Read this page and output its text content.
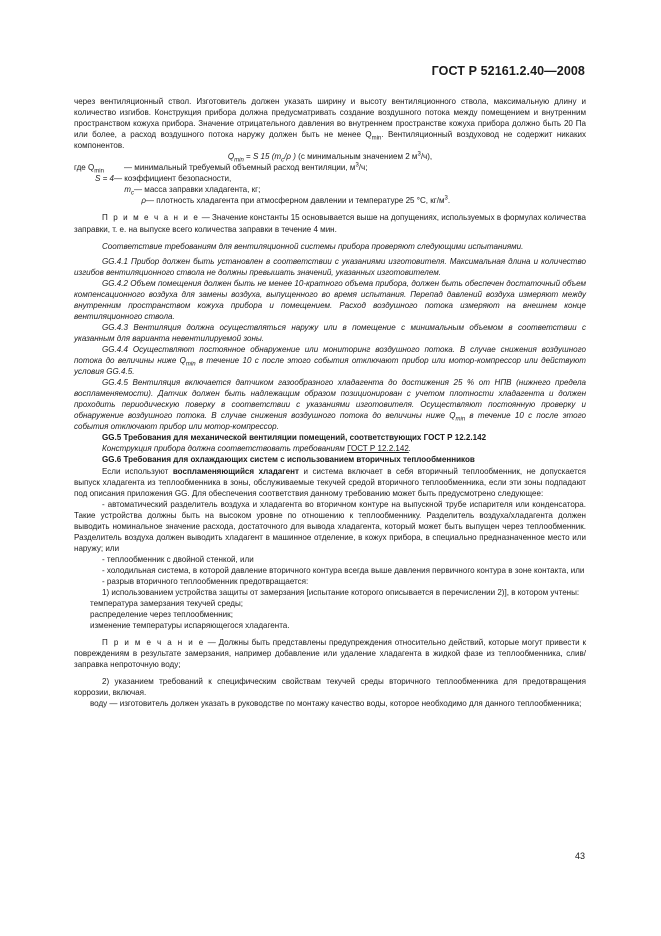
ГОСТ Р 52161.2.40—2008

через вентиляционный ствол. Изготовитель должен указать ширину и высоту вентиляционного ствола, максимальную длину и количество изгибов. Конструкция прибора должна предусматривать создание воздушного потока между помещением и внутренним пространством кожуха прибора. Значение отрицательного давления во внутреннем пространстве кожуха прибора должно быть 20 Па или более, а расход воздушного потока наружу должен быть не менее $Q_{min}$. Вентиляционный воздуховод не содержит никаких компонентов.

$Q_{min} = S$ 15 ($m_c/\rho$ ) (с минимальным значением 2 $м^3/ч$),

где $Q_{min}$	— минимальный требуемый объемный расход вентиляции, $м^3/ч$;
S = 4 — коэффициент безопасности,
$m_c$ — масса заправки хладагента, кг;
ρ — плотность хладагента при атмосферном давлении и температуре 25 °С, $кг/м^3$.

П р и м е ч а н и е — Значение константы 15 основывается выше на допущениях, используемых в формулах количества заправки, т. е. на выпуске всего количества заправки в течение 4 мин.

Соответствие требованиям для вентиляционной системы прибора проверяют следующими испытаниями.

GG.4.1 Прибор должен быть установлен в соответствии с указаниями изготовителя. Максимальная длина и количество изгибов вентиляционного ствола не должны превышать значений, указанных изготовителем.

GG.4.2 Объем помещения должен быть не менее 10-кратного объема прибора, должен быть обеспечен достаточный объем компенсационного воздуха для замены воздуха, выпущенного во время испытания. Перепад давлений воздуха измеряют между внутренним пространством кожуха прибора и помещением. Расход воздушного потока измеряют на внешнем конце вентиляционного ствола.

GG.4.3 Вентиляция должна осуществляться наружу или в помещение с минимальным объемом в соответствии с указанным для варианта невентилируемой зоны.

GG.4.4 Осуществляют постоянное обнаружение или мониторинг воздушного потока. В случае снижения воздушного потока до величины ниже $Q_{min}$ в течение 10 с после этого события отключают прибор или мотор-компрессор или действуют условия GG.4.5.

GG.4.5 Вентиляция включается датчиком газообразного хладагента до достижения 25 % от НПВ (нижнего предела воспламеняемости). Датчик должен быть надлежащим образом позиционирован с учетом плотности хладагента и должен проходить периодическую поверку в соответствии с указаниями изготовителя. Осуществляют постоянную проверку и обнаружение воздушного потока. В случае снижения воздушного потока до величины ниже $Q_{min}$ в течение 10 с после этого события отключают прибор или мотор-компрессор.

GG.5 Требования для механической вентиляции помещений, соответствующих ГОСТ Р 12.2.142

Конструкция прибора должна соответствовать требованиям ГОСТ Р 12.2.142.

GG.6 Требования для охлаждающих систем с использованием вторичных теплообменников

Если используют воспламеняющийся хладагент и система включает в себя вторичный теплообменник, не допускается выпуск хладагента из теплообменника в зоны, обслуживаемые текучей средой вторичного теплообменника, если эти зоны подпадают под описания приложения GG. Для обеспечения соответствия данному требованию может быть предусмотрено следующее:

- автоматический разделитель воздуха и хладагента во вторичном контуре на выпускной трубе испарителя или конденсатора. Такие устройства должны быть на высоком уровне по отношению к теплообменнику. Разделитель воздуха/хладагента должен выводить номинальное значение расхода, достаточного для вывода хладагента, который может быть выпущен через теплообменник. Разделитель воздуха должен выводить хладагент в машинное отделение, в кожух прибора, в специально предназначенное место или наружу; или

- теплообменник с двойной стенкой, или

- холодильная система, в которой давление вторичного контура всегда выше давления первичного контура в зоне контакта, или

- разрыв вторичного теплообменник предотвращается:

1) использованием устройства защиты от замерзания [испытание которого описывается в перечислении 2)], в котором учтены:

температура замерзания текучей среды;

распределение через теплообменник;

изменение температуры испаряющегося хладагента.

П р и м е ч а н и е — Должны быть представлены предупреждения относительно действий, которые могут привести к повреждениям в результате замерзания, например добавление или удаление хладагента в жидкой фазе из теплообменника, слив/заправка непроточную воду;

2) указанием требований к специфическим свойствам текучей среды вторичного теплообменника для предотвращения коррозии, включая.

воду — изготовитель должен указать в руководстве по монтажу качество воды, которое необходимо для данного теплообменника;

43
